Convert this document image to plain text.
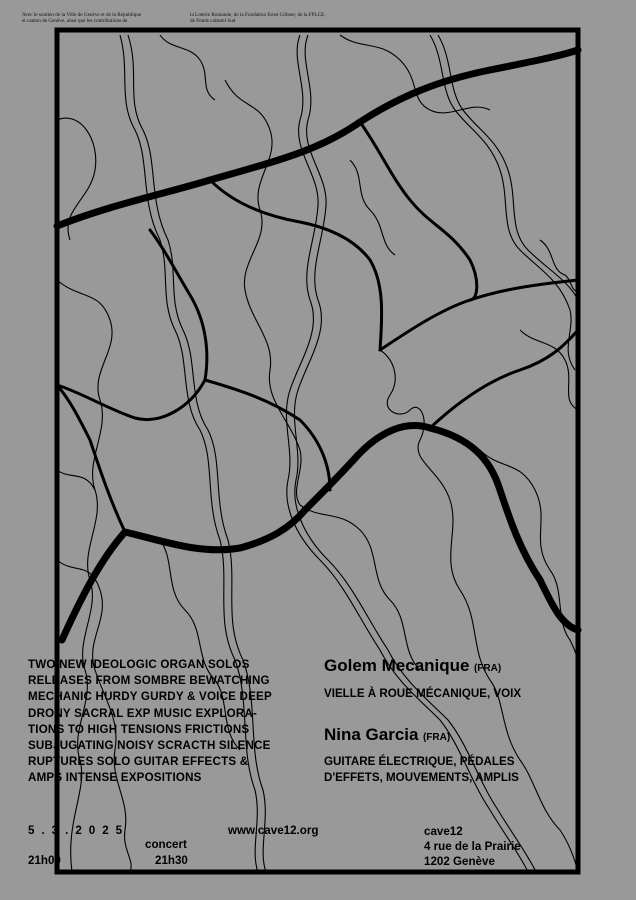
Avec le soutien de la Ville de Genève et de la République
et canton de Genève, ainsi que les contributions de
la Loterie Romande, de la Fondation Ernst Göhner, de la FPLCE,
de Fonds culturel Sud
TWO NEW IDEOLOGIC ORGAN SOLOS
RELEASES FROM SOMBRE BEWATCHING
MECHANIC HURDY GURDY & VOICE DEEP
DRONY SACRAL EXP MUSIC EXPLORA-
TIONS TO HIGH TENSIONS FRICTIONS
SUBJUGATING NOISY SCRACTH SILENCE
RUPTURES SOLO GUITAR EFFECTS &
AMPS INTENSE EXPOSITIONS
Golem Mecanique (FRA)
VIELLE À ROUE MÉCANIQUE, VOIX
Nina Garcia (FRA)
GUITARE ÉLECTRIQUE, PÉDALES
D'EFFETS, MOUVEMENTS, AMPLIS
5.3.2025
21h00
concert
21h30
www.cave12.org	cave12
4 rue de la Prairie
1202 Genève
